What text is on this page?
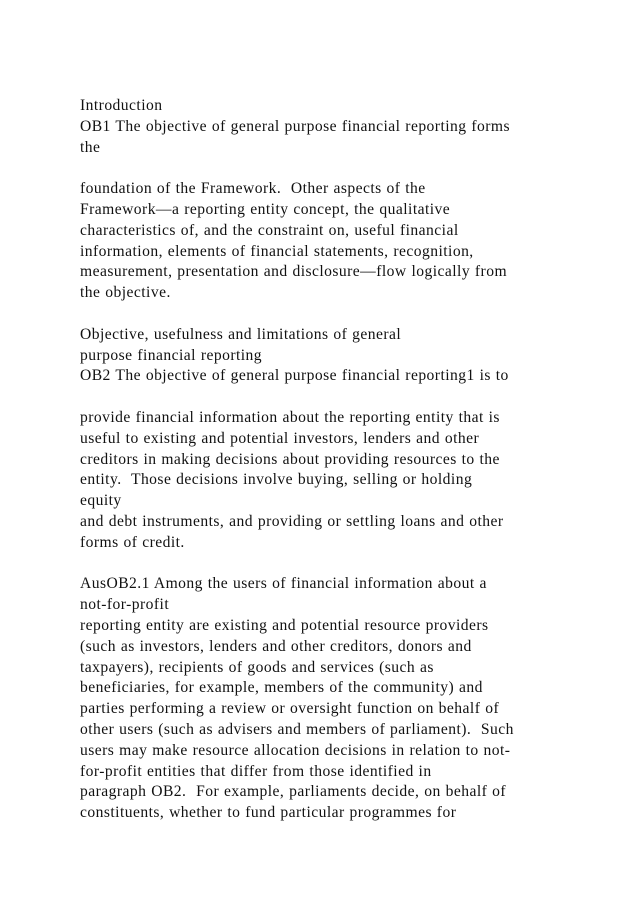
Introduction
OB1 The objective of general purpose financial reporting forms
the
foundation of the Framework.  Other aspects of the
Framework—a reporting entity concept, the qualitative
characteristics of, and the constraint on, useful financial
information, elements of financial statements, recognition,
measurement, presentation and disclosure—flow logically from
the objective.
Objective, usefulness and limitations of general
purpose financial reporting
OB2 The objective of general purpose financial reporting1 is to
provide financial information about the reporting entity that is
useful to existing and potential investors, lenders and other
creditors in making decisions about providing resources to the
entity.  Those decisions involve buying, selling or holding
equity
and debt instruments, and providing or settling loans and other
forms of credit.
AusOB2.1 Among the users of financial information about a
not-for-profit
reporting entity are existing and potential resource providers
(such as investors, lenders and other creditors, donors and
taxpayers), recipients of goods and services (such as
beneficiaries, for example, members of the community) and
parties performing a review or oversight function on behalf of
other users (such as advisers and members of parliament).  Such
users may make resource allocation decisions in relation to not-
for-profit entities that differ from those identified in
paragraph OB2.  For example, parliaments decide, on behalf of
constituents, whether to fund particular programmes for
